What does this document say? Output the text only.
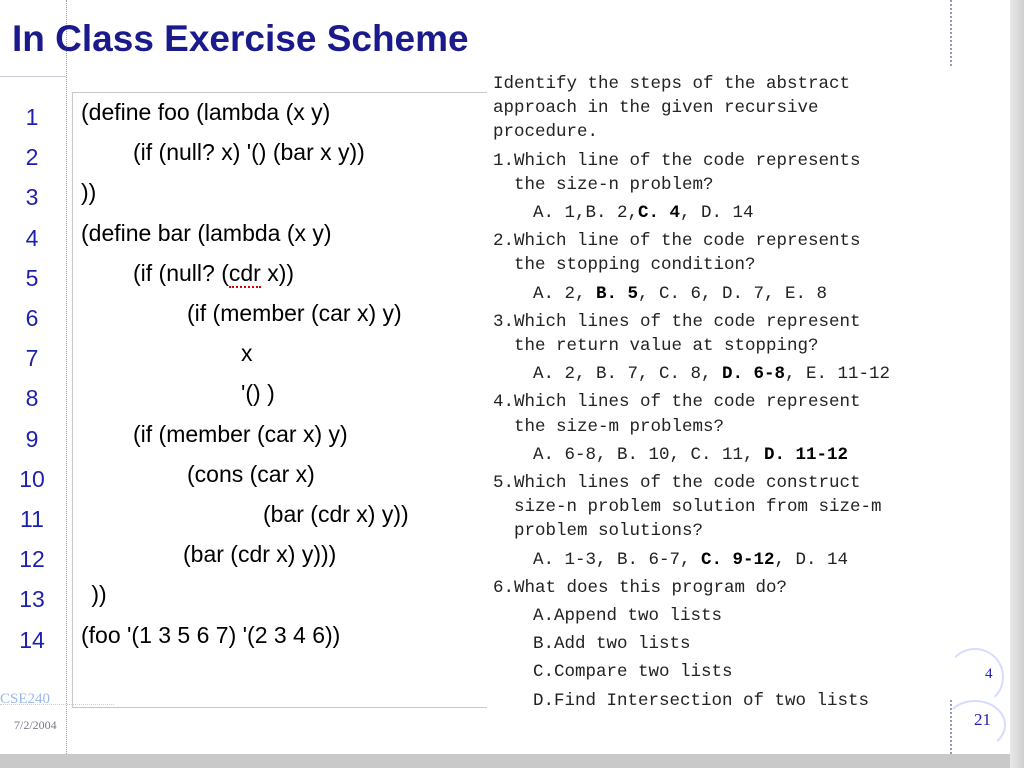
In Class Exercise Scheme
(define foo (lambda (x y)
(if (null? x) '() (bar x y))
))
(define bar (lambda (x y)
(if (null? (cdr x))
(if (member (car x) y)
x
'() )
(if (member (car x) y)
(cons (car x)
(bar (cdr x) y))
(bar (cdr x) y)))
))
(foo '(1 3 5 6 7) '(2 3 4 6))
1
2
3
4
5
6
7
8
9
10
11
12
13
14
Identify the steps of the abstract
approach in the given recursive
procedure.
1.Which line of the code represents
the size-n problem?
A. 1,B. 2,C. 4, D. 14
2.Which line of the code represents
the stopping condition?
A. 2, B. 5, C. 6, D. 7, E. 8
3.Which lines of the code represent
the return value at stopping?
A. 2, B. 7, C. 8, D. 6-8, E. 11-12
4.Which lines of the code represent
the size-m problems?
A. 6-8, B. 10, C. 11, D. 11-12
5.Which lines of the code construct
size-n problem solution from size-m
problem solutions?
A. 1-3, B. 6-7, C. 9-12, D. 14
6.What does this program do?
A.Append two lists
B.Add two lists
C.Compare two lists
D.Find Intersection of two lists
CSE240
7/2/2004
4
21
